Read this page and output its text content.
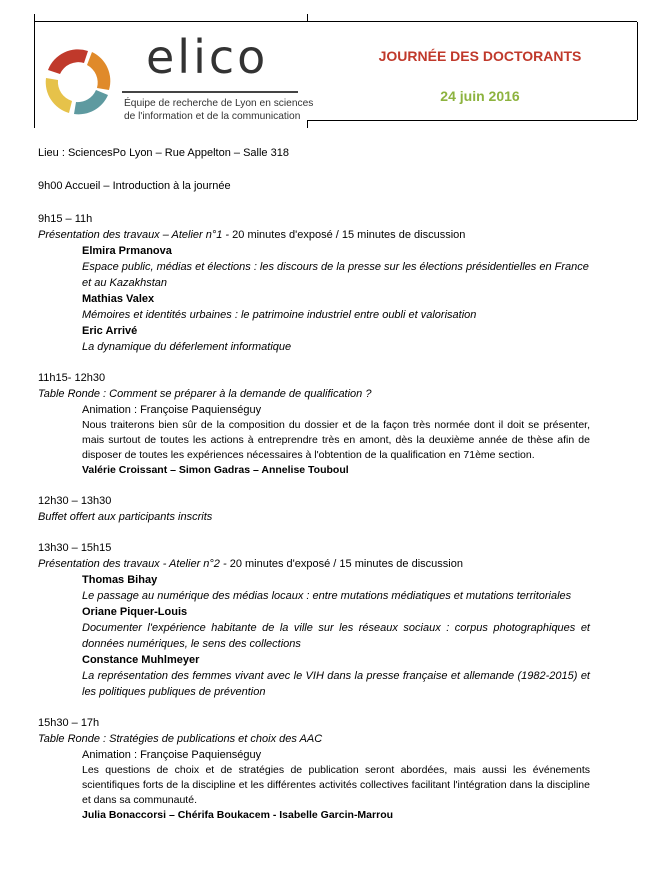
elico
Équipe de recherche de Lyon en sciences
de l'information et de la communication
JOURNÉE DES DOCTORANTS
24 juin 2016

Lieu : SciencesPo Lyon – Rue Appelton – Salle 318

9h00 Accueil – Introduction à la journée

9h15 – 11h

Présentation des travaux – Atelier n°1 - 20 minutes d'exposé / 15 minutes de discussion

Elmira Prmanova

Espace public, médias et élections : les discours de la presse sur les élections présidentielles en France et au Kazakhstan

Mathias Valex

Mémoires et identités urbaines : le patrimoine industriel entre oubli et valorisation

Eric Arrivé

La dynamique du déferlement informatique

11h15- 12h30

Table Ronde : Comment se préparer à la demande de qualification ?

Animation : Françoise Paquienséguy

Nous traiterons bien sûr de la composition du dossier et de la façon très normée dont il doit se présenter, mais surtout de toutes les actions à entreprendre très en amont, dès la deuxième année de thèse afin de disposer de toutes les expériences nécessaires à l'obtention de la qualification en 71ème section.

Valérie Croissant – Simon Gadras – Annelise Touboul

12h30 – 13h30

Buffet offert aux participants inscrits

13h30 – 15h15

Présentation des travaux - Atelier n°2 - 20 minutes d'exposé / 15 minutes de discussion

Thomas Bihay

Le passage au numérique des médias locaux : entre mutations médiatiques et mutations territoriales

Oriane Piquer-Louis

Documenter l'expérience habitante de la ville sur les réseaux sociaux : corpus photographiques et données numériques, le sens des collections

Constance Muhlmeyer

La représentation des femmes vivant avec le VIH dans la presse française et allemande (1982-2015) et les politiques publiques de prévention

15h30 – 17h

Table Ronde : Stratégies de publications et choix des AAC

Animation : Françoise Paquienséguy

Les questions de choix et de stratégies de publication seront abordées, mais aussi les événements scientifiques forts de la discipline et les différentes activités collectives facilitant l'intégration dans la discipline et dans sa communauté.

Julia Bonaccorsi – Chérifa Boukacem - Isabelle Garcin-Marrou
